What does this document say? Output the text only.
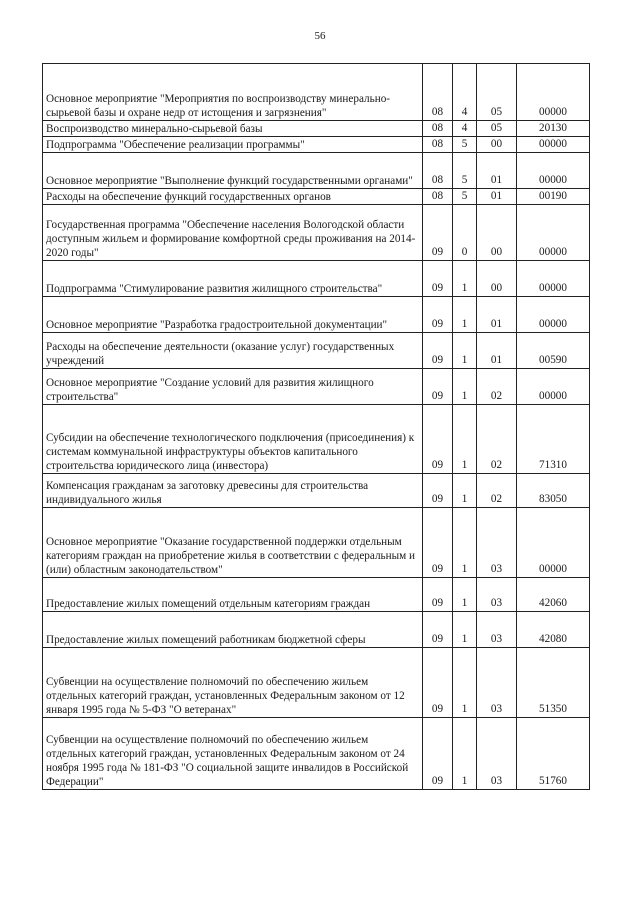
56
Основное мероприятие "Мероприятия по воспроизводству минерально-сырьевой базы и охране недр от истощения и загрязнения"	08	4	05	00000
Воспроизводство минерально-сырьевой базы	08	4	05	20130
Подпрограмма "Обеспечение реализации программы"	08	5	00	00000
Основное мероприятие "Выполнение функций государственными органами"	08	5	01	00000
Расходы на обеспечение функций государственных органов	08	5	01	00190
Государственная программа "Обеспечение населения Вологодской области доступным жильем и формирование комфортной среды проживания на 2014-2020 годы"	09	0	00	00000
Подпрограмма "Стимулирование развития жилищного строительства"	09	1	00	00000
Основное мероприятие "Разработка градостроительной документации"	09	1	01	00000
Расходы на обеспечение деятельности (оказание услуг) государственных учреждений	09	1	01	00590
Основное мероприятие "Создание условий для развития жилищного строительства"	09	1	02	00000
Субсидии на обеспечение технологического подключения (присоединения) к системам коммунальной инфраструктуры объектов капитального строительства юридического лица (инвестора)	09	1	02	71310
Компенсация гражданам за заготовку древесины для строительства индивидуального жилья	09	1	02	83050
Основное мероприятие "Оказание государственной поддержки отдельным категориям граждан на приобретение жилья в соответствии с федеральным и (или) областным законодательством"	09	1	03	00000
Предоставление жилых помещений отдельным категориям граждан	09	1	03	42060
Предоставление жилых помещений работникам бюджетной сферы	09	1	03	42080
Субвенции на осуществление полномочий по обеспечению жильем отдельных категорий граждан, установленных Федеральным законом от 12 января 1995 года № 5-ФЗ "О ветеранах"	09	1	03	51350
Субвенции на осуществление полномочий по обеспечению жильем отдельных категорий граждан, установленных Федеральным законом от 24 ноября 1995 года № 181-ФЗ "О социальной защите инвалидов в Российской Федерации"	09	1	03	51760
